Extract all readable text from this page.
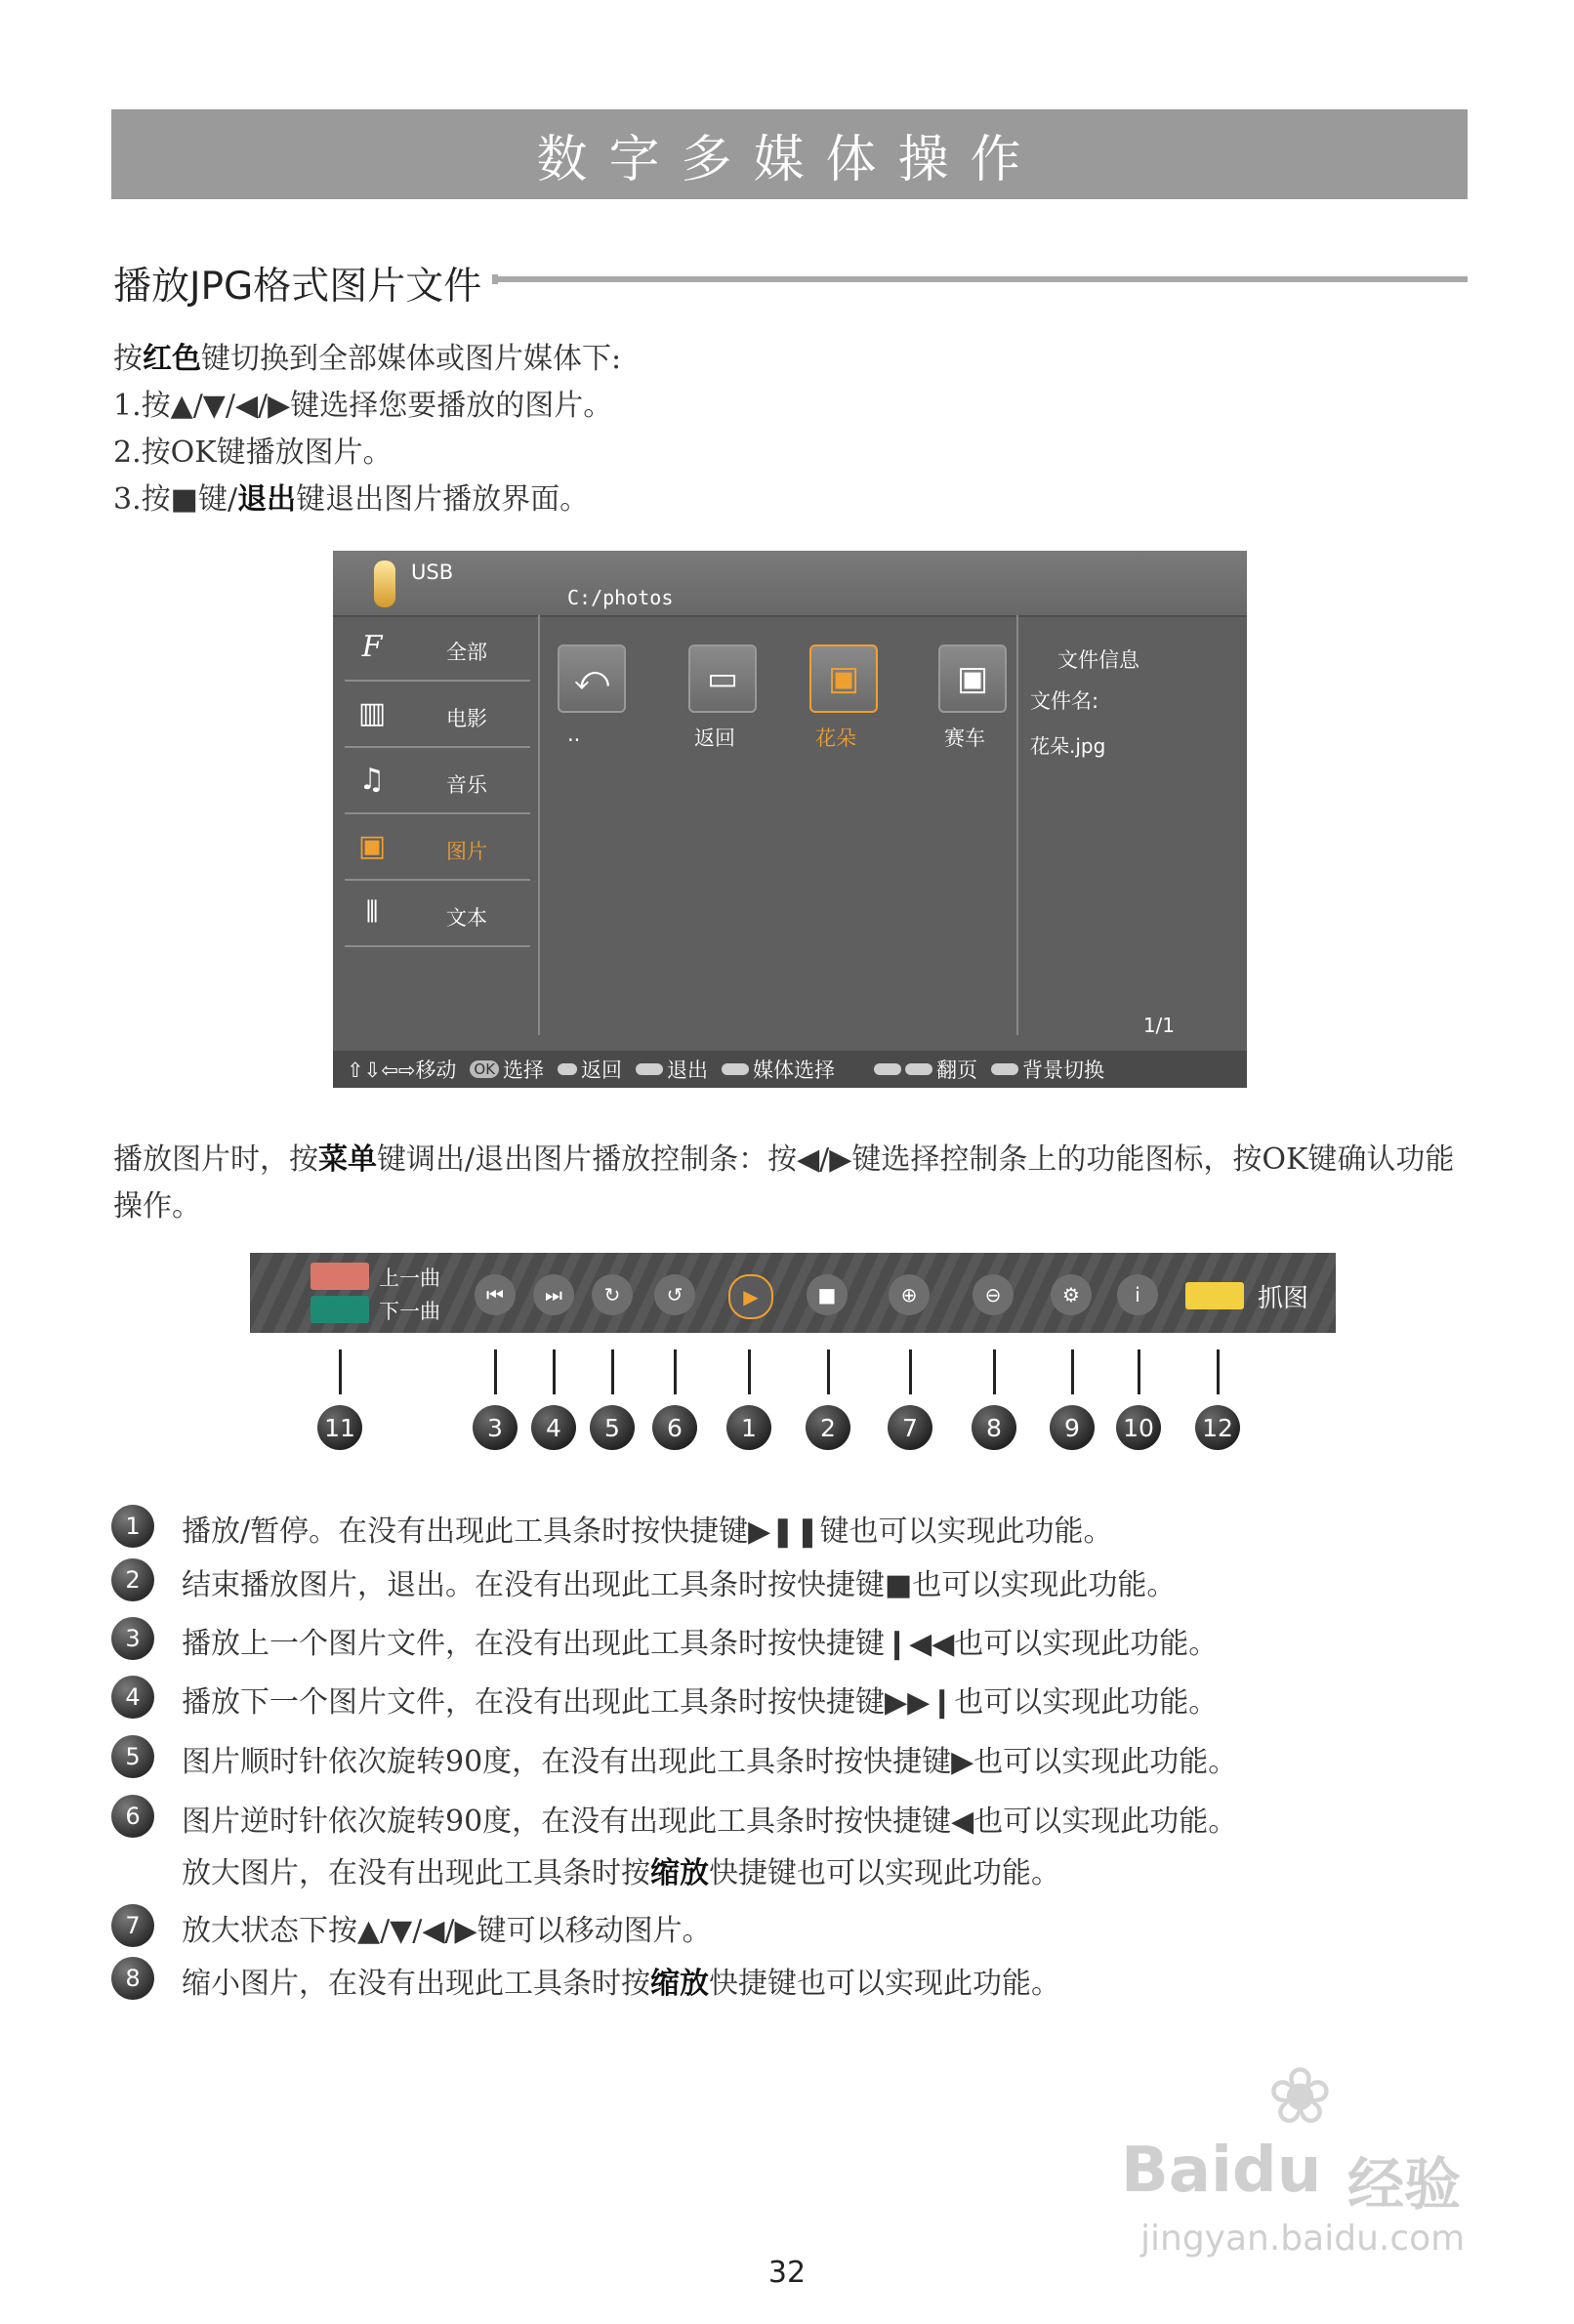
数字多媒体操作
播放JPG格式图片文件
按红色键切换到全部媒体或图片媒体下:
1.按▲/▼/◀/▶键选择您要播放的图片。
2.按OK键播放图片。
3.按■键/退出键退出图片播放界面。
USB
C:/photos
F	全部
▥	电影
♫	音乐
▣	图片
⫴	文本
⤺
..
▭
返回
▣
花朵
▣
赛车
文件信息
文件名:
花朵.jpg
1/1
⇧⇩⇦⇨移动 OK 选择 返回 退出 媒体选择	翻页 背景切换
播放图片时，按菜单键调出/退出图片播放控制条：按◀/▶键选择控制条上的功能图标，按OK键确认功能操作。
上一曲
下一曲
⏮	⏭	↻	↺	▶	■	⊕	⊖	⚙	i	抓图
11	3	4	5	6	1	2	7	8	9	10 12
1	播放/暂停。在没有出现此工具条时按快捷键▶❚❚键也可以实现此功能。
2	结束播放图片，退出。在没有出现此工具条时按快捷键■也可以实现此功能。
3	播放上一个图片文件，在没有出现此工具条时按快捷键❙◀◀也可以实现此功能。
4	播放下一个图片文件，在没有出现此工具条时按快捷键▶▶❙也可以实现此功能。
5	图片顺时针依次旋转90度，在没有出现此工具条时按快捷键▶也可以实现此功能。
6	图片逆时针依次旋转90度，在没有出现此工具条时按快捷键◀也可以实现此功能。
放大图片，在没有出现此工具条时按缩放快捷键也可以实现此功能。
7	放大状态下按▲/▼/◀/▶键可以移动图片。
8	缩小图片，在没有出现此工具条时按缩放快捷键也可以实现此功能。
❀
Baidu 经验
jingyan.baidu.com
32
